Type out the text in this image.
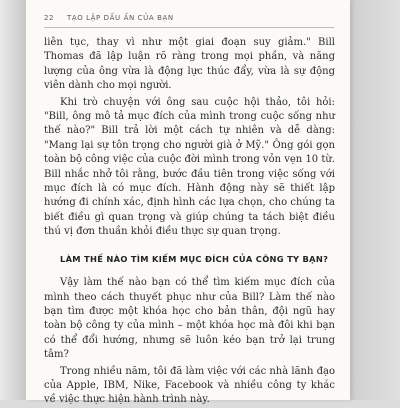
22 TẠO LẬP DẤU ẤN CỦA BẠN

liên tục, thay vì như một giai đoạn suy giảm." Bill Thomas đã lập luận rõ ràng trong mọi phần, và năng lượng của ông vừa là động lực thúc đẩy, vừa là sự động viên dành cho mọi người.

Khi trò chuyện với ông sau cuộc hội thảo, tôi hỏi: "Bill, ông mô tả mục đích của mình trong cuộc sống như thế nào?" Bill trả lời một cách tự nhiên và dễ dàng: "Mang lại sự tôn trọng cho người già ở Mỹ." Ông gói gọn toàn bộ công việc của cuộc đời mình trong vỏn vẹn 10 từ. Bill nhắc nhở tôi rằng, bước đầu tiên trong việc sống với mục đích là có mục đích. Hành động này sẽ thiết lập hướng đi chính xác, định hình các lựa chọn, cho chúng ta biết điều gì quan trọng và giúp chúng ta tách biệt điều thú vị đơn thuần khỏi điều thực sự quan trọng.

LÀM THẾ NÀO TÌM KIẾM MỤC ĐÍCH CỦA CÔNG TY BẠN?

Vậy làm thế nào bạn có thể tìm kiếm mục đích của mình theo cách thuyết phục như của Bill? Làm thế nào bạn tìm được một khóa học cho bản thân, đội ngũ hay toàn bộ công ty của mình – một khóa học mà đôi khi bạn có thể đổi hướng, nhưng sẽ luôn kéo bạn trở lại trung tâm?

Trong nhiều năm, tôi đã làm việc với các nhà lãnh đạo của Apple, IBM, Nike, Facebook và nhiều công ty khác về việc thực hiện hành trình này.
